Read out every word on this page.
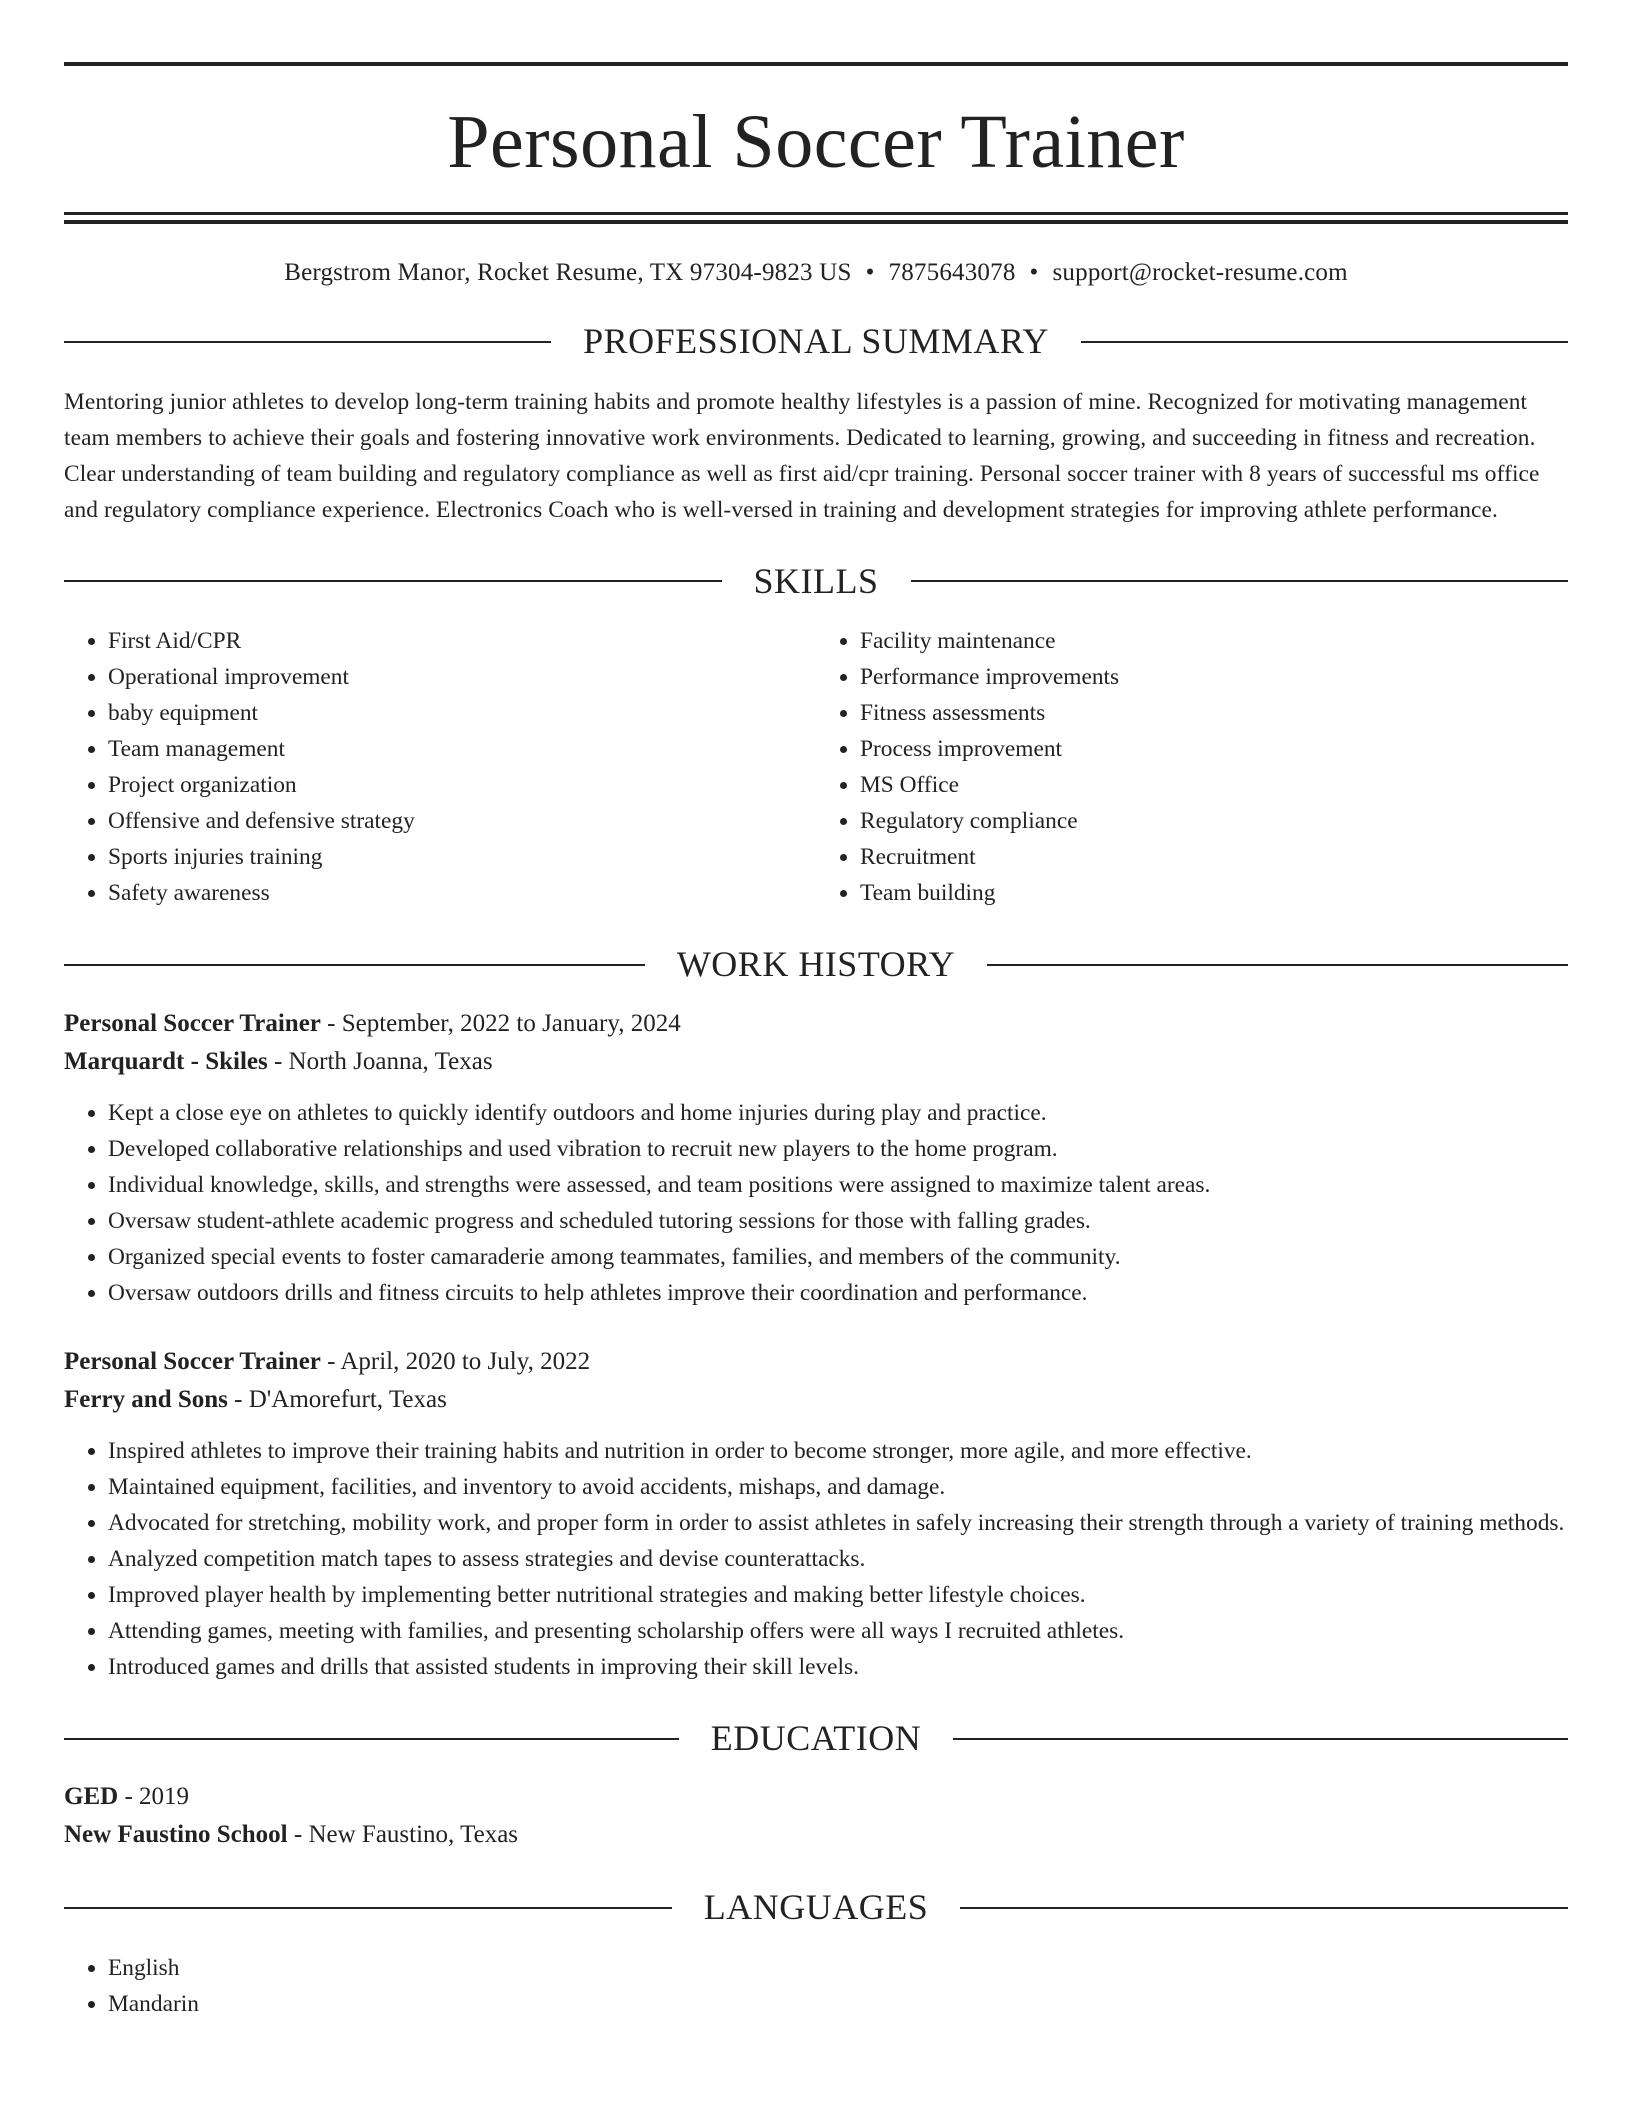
Personal Soccer Trainer
Bergstrom Manor, Rocket Resume, TX 97304-9823 US • 7875643078 • support@rocket-resume.com
PROFESSIONAL SUMMARY

Mentoring junior athletes to develop long-term training habits and promote healthy lifestyles is a passion of mine. Recognized for motivating management team members to achieve their goals and fostering innovative work environments. Dedicated to learning, growing, and succeeding in fitness and recreation. Clear understanding of team building and regulatory compliance as well as first aid/cpr training. Personal soccer trainer with 8 years of successful ms office and regulatory compliance experience. Electronics Coach who is well-versed in training and development strategies for improving athlete performance.

SKILLS
• First Aid/CPR
• Operational improvement
• baby equipment
• Team management
• Project organization
• Offensive and defensive strategy
• Sports injuries training
• Safety awareness
• Facility maintenance
• Performance improvements
• Fitness assessments
• Process improvement
• MS Office
• Regulatory compliance
• Recruitment
• Team building
WORK HISTORY
Personal Soccer Trainer - September, 2022 to January, 2024
Marquardt - Skiles - North Joanna, Texas
• Kept a close eye on athletes to quickly identify outdoors and home injuries during play and practice.
• Developed collaborative relationships and used vibration to recruit new players to the home program.
• Individual knowledge, skills, and strengths were assessed, and team positions were assigned to maximize talent areas.
• Oversaw student-athlete academic progress and scheduled tutoring sessions for those with falling grades.
• Organized special events to foster camaraderie among teammates, families, and members of the community.
• Oversaw outdoors drills and fitness circuits to help athletes improve their coordination and performance.
Personal Soccer Trainer - April, 2020 to July, 2022
Ferry and Sons - D'Amorefurt, Texas
• Inspired athletes to improve their training habits and nutrition in order to become stronger, more agile, and more effective.
• Maintained equipment, facilities, and inventory to avoid accidents, mishaps, and damage.
• Advocated for stretching, mobility work, and proper form in order to assist athletes in safely increasing their strength through a variety of training methods.
• Analyzed competition match tapes to assess strategies and devise counterattacks.
• Improved player health by implementing better nutritional strategies and making better lifestyle choices.
• Attending games, meeting with families, and presenting scholarship offers were all ways I recruited athletes.
• Introduced games and drills that assisted students in improving their skill levels.
EDUCATION
GED - 2019
New Faustino School - New Faustino, Texas
LANGUAGES
• English
• Mandarin
